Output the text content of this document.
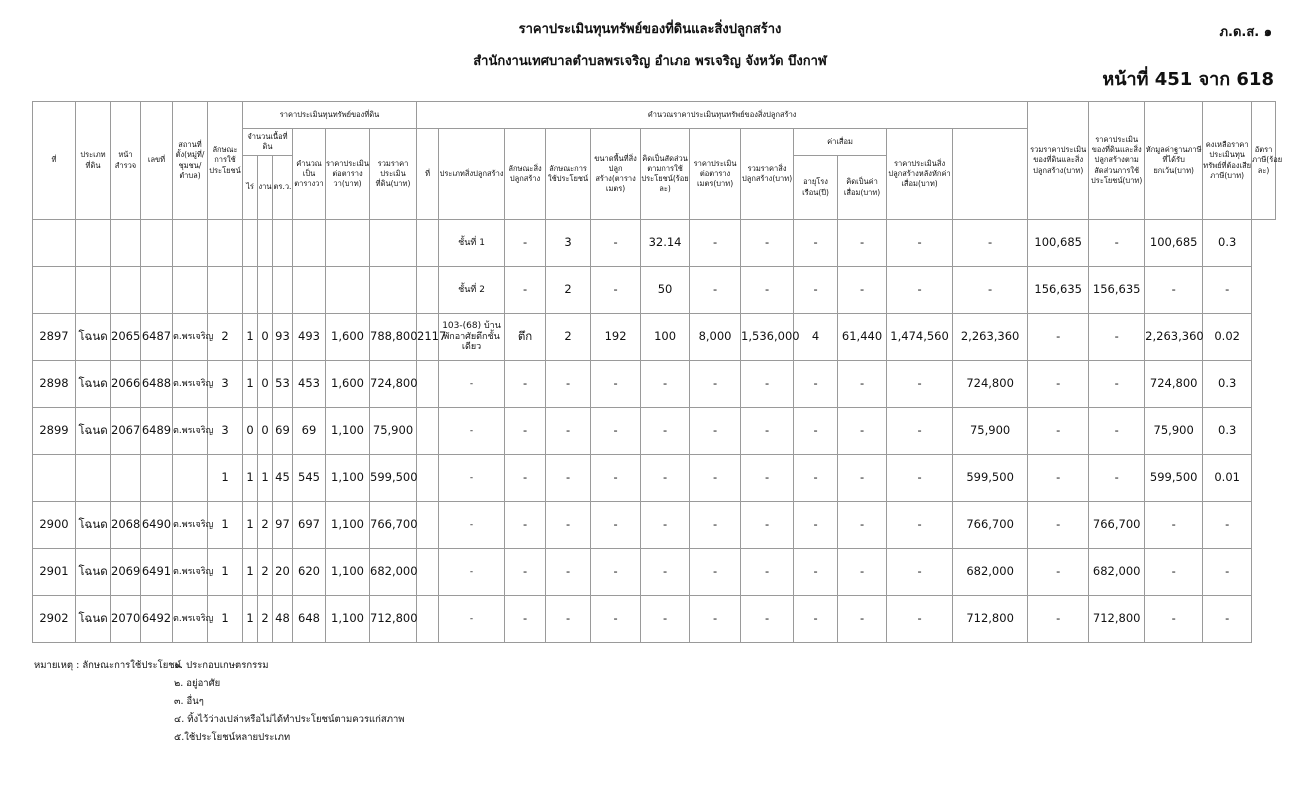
ราคาประเมินทุนทรัพย์ของที่ดินและสิ่งปลูกสร้าง
สำนักงานเทศบาลตำบลพรเจริญ อำเภอ พรเจริญ จังหวัด บึงกาฬ
ภ.ด.ส. ๑
หน้าที่ 451 จาก 618
ที่	ประเภทที่ดิน	หน้าสำรวจ	เลขที่	สถานที่ตั้ง(หมู่ที่/ชุมชน/ตำบล)	ลักษณะการใช้ประโยชน์	ราคาประเมินทุนทรัพย์ของที่ดิน						คำนวณราคาประเมินทุนทรัพย์ของสิ่งปลูกสร้าง												รวมราคาประเมินของที่ดินและสิ่งปลูกสร้าง(บาท)	ราคาประเมินของที่ดินและสิ่งปลูกสร้างตามสัดส่วนการใช้ประโยชน์(บาท)	หักมูลค่าฐานภาษีที่ได้รับยกเว้น(บาท)	คงเหลือราคาประเมินทุนทรัพย์ที่ต้องเสียภาษี(บาท)	อัตราภาษี(ร้อยละ)
						จำนวนเนื้อที่ดิน			คำนวณเป็นตารางวา	ราคาประเมินต่อตารางวา(บาท)	รวมราคาประเมินที่ดิน(บาท)	ที่	ประเภทสิ่งปลูกสร้าง	ลักษณะสิ่งปลูกสร้าง	ลักษณะการใช้ประโยชน์	ขนาดพื้นที่สิ่งปลูกสร้าง(ตารางเมตร)	คิดเป็นสัดส่วนตามการใช้ประโยชน์(ร้อยละ)	ราคาประเมินต่อตารางเมตร(บาท)	รวมราคาสิ่งปลูกสร้าง(บาท)	ค่าเสื่อม		ราคาประเมินสิ่งปลูกสร้างหลังหักค่าเสื่อม(บาท)						
						ไร่	งาน	ตร.ว.												อายุโรงเรือน(ปี)	คิดเป็นค่าเสื่อม(บาท)							
													ชั้นที่ 1	-	3	-	32.14	-	-	-	-	-	-	100,685	-	100,685	0.3	
													ชั้นที่ 2	-	2	-	50	-	-	-	-	-	-	156,635	156,635	-	-	
2897	โฉนด	2065	6487	ต.พรเจริญ	2	1	0	93	493	1,600	788,800	2117	103-(68) บ้านพักอาศัยตึกชั้นเดียว	ตึก	2	192	100	8,000	1,536,000	4	61,440	1,474,560	2,263,360	-	-	2,263,360	0.02	
2898	โฉนด	2066	6488	ต.พรเจริญ	3	1	0	53	453	1,600	724,800		-	-	-	-	-	-	-	-	-	-	724,800	-	-	724,800	0.3	
2899	โฉนด	2067	6489	ต.พรเจริญ	3	0	0	69	69	1,100	75,900		-	-	-	-	-	-	-	-	-	-	75,900	-	-	75,900	0.3	
					1	1	1	45	545	1,100	599,500		-	-	-	-	-	-	-	-	-	-	599,500	-	-	599,500	0.01	
2900	โฉนด	2068	6490	ต.พรเจริญ	1	1	2	97	697	1,100	766,700		-	-	-	-	-	-	-	-	-	-	766,700	-	766,700	-	-	
2901	โฉนด	2069	6491	ต.พรเจริญ	1	1	2	20	620	1,100	682,000		-	-	-	-	-	-	-	-	-	-	682,000	-	682,000	-	-	
2902	โฉนด	2070	6492	ต.พรเจริญ	1	1	2	48	648	1,100	712,800		-	-	-	-	-	-	-	-	-	-	712,800	-	712,800	-	-	
หมายเหตุ : ลักษณะการใช้ประโยชน์
๑. ประกอบเกษตรกรรม
๒. อยู่อาศัย
๓. อื่นๆ
๔. ทิ้งไว้ว่างเปล่าหรือไม่ได้ทำประโยชน์ตามควรแก่สภาพ
๕.ใช้ประโยชน์หลายประเภท
